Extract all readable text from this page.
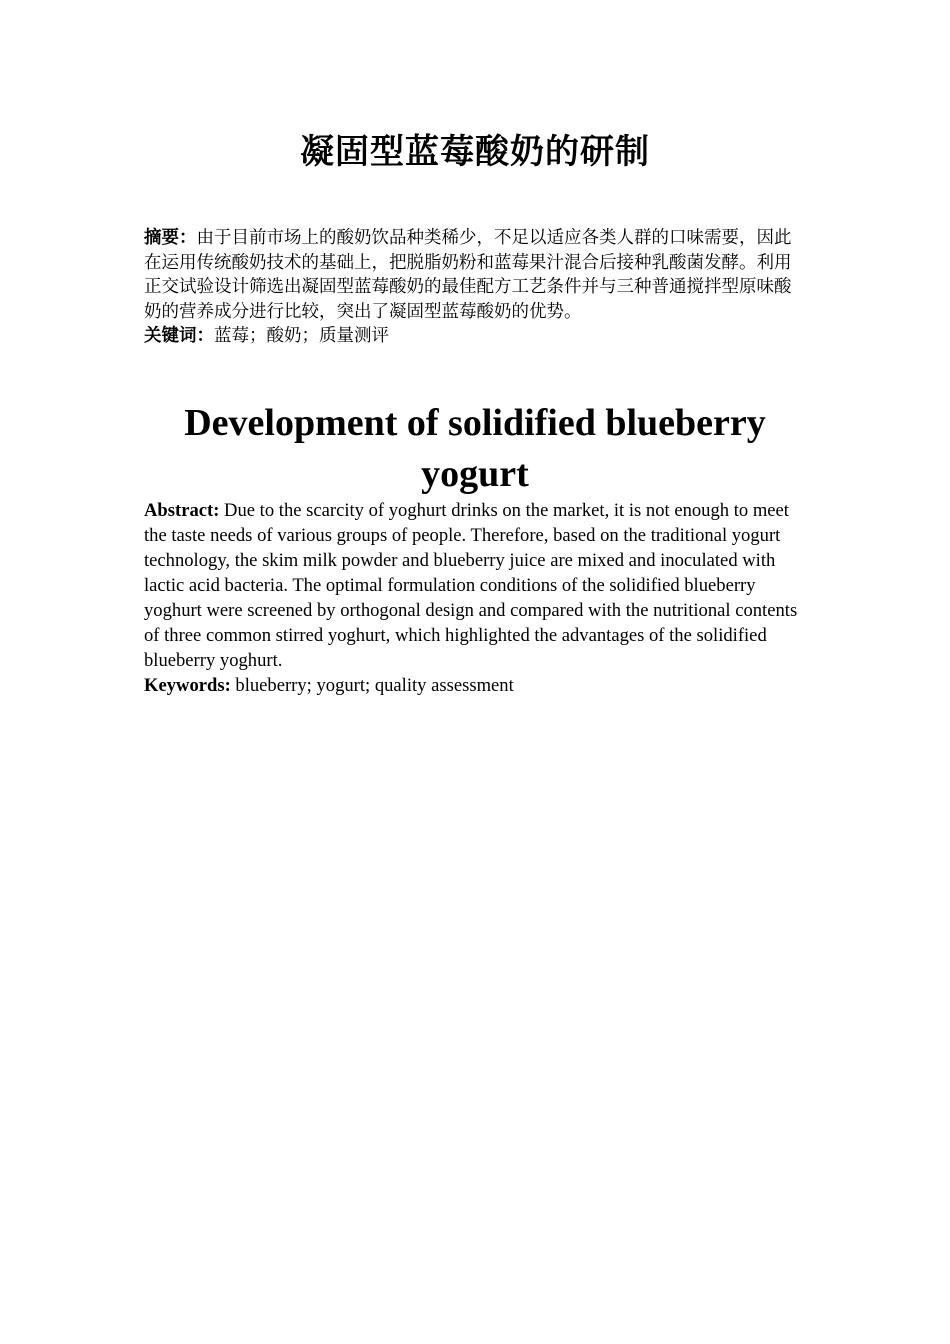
凝固型蓝莓酸奶的研制

摘要：由于目前市场上的酸奶饮品种类稀少，不足以适应各类人群的口味需要，因此在运用传统酸奶技术的基础上，把脱脂奶粉和蓝莓果汁混合后接种乳酸菌发酵。利用正交试验设计筛选出凝固型蓝莓酸奶的最佳配方工艺条件并与三种普通搅拌型原味酸奶的营养成分进行比较，突出了凝固型蓝莓酸奶的优势。

关键词：蓝莓；酸奶；质量测评

Development of solidified blueberry yogurt

Abstract: Due to the scarcity of yoghurt drinks on the market, it is not enough to meet the taste needs of various groups of people. Therefore, based on the traditional yogurt technology, the skim milk powder and blueberry juice are mixed and inoculated with lactic acid bacteria. The optimal formulation conditions of the solidified blueberry yoghurt were screened by orthogonal design and compared with the nutritional contents of three common stirred yoghurt, which highlighted the advantages of the solidified blueberry yoghurt.

Keywords: blueberry; yogurt; quality assessment
